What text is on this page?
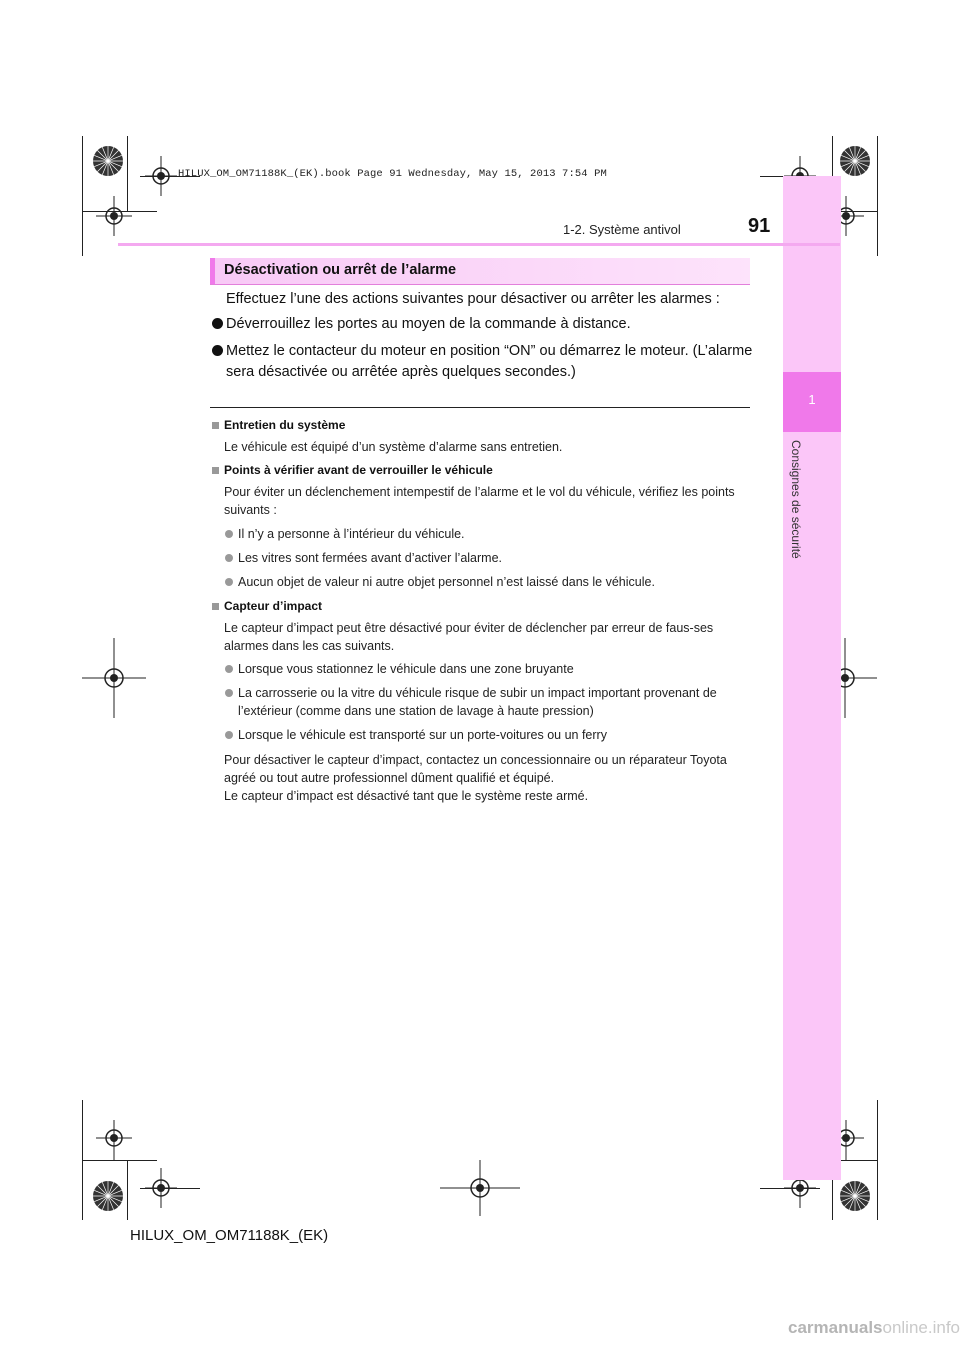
HILUX_OM_OM71188K_(EK).book Page 91 Wednesday, May 15, 2013 7:54 PM
1
Consignes de sécurité
1-2. Système antivol	91
Désactivation ou arrêt de l’alarme
Effectuez l’une des actions suivantes pour désactiver ou arrêter les alarmes :
Déverrouillez les portes au moyen de la commande à distance.
Mettez le contacteur du moteur en position “ON” ou démarrez le moteur. (L’alarme sera désactivée ou arrêtée après quelques secondes.)
Entretien du système
Le véhicule est équipé d’un système d’alarme sans entretien.
Points à vérifier avant de verrouiller le véhicule
Pour éviter un déclenchement intempestif de l’alarme et le vol du véhicule, vérifiez les points suivants :
Il n’y a personne à l’intérieur du véhicule.
Les vitres sont fermées avant d’activer l’alarme.
Aucun objet de valeur ni autre objet personnel n’est laissé dans le véhicule.
Capteur d’impact
Le capteur d’impact peut être désactivé pour éviter de déclencher par erreur de faus-ses alarmes dans les cas suivants.
Lorsque vous stationnez le véhicule dans une zone bruyante
La carrosserie ou la vitre du véhicule risque de subir un impact important provenant de l’extérieur (comme dans une station de lavage à haute pression)
Lorsque le véhicule est transporté sur un porte-voitures ou un ferry
Pour désactiver le capteur d’impact, contactez un concessionnaire ou un réparateur Toyota agréé ou tout autre professionnel dûment qualifié et équipé.
Le capteur d’impact est désactivé tant que le système reste armé.
HILUX_OM_OM71188K_(EK)
carmanualsonline.info
